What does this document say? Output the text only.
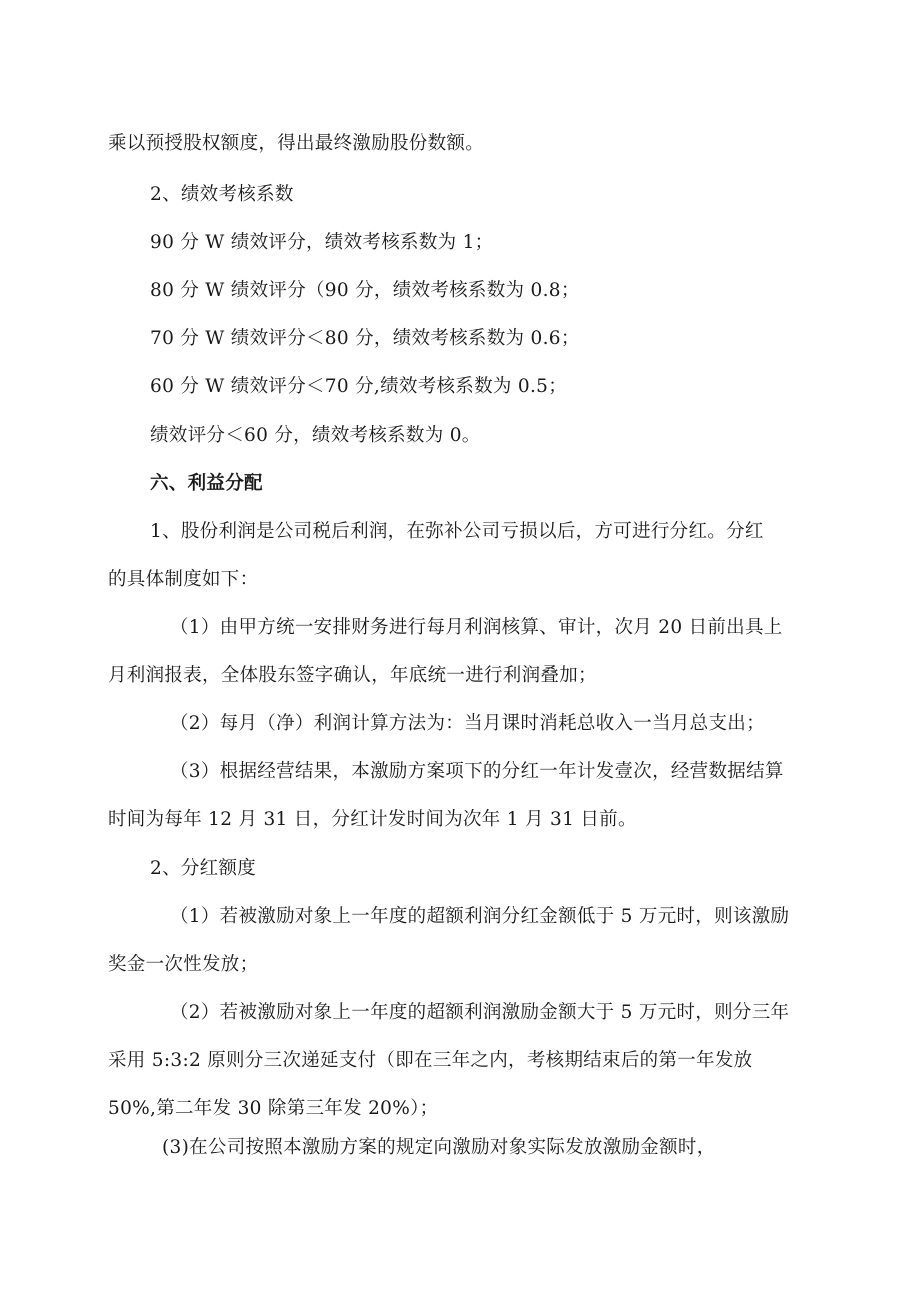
乘以预授股权额度，得出最终激励股份数额。
2、绩效考核系数
90 分 W 绩效评分，绩效考核系数为 1；
80 分 W 绩效评分（90 分，绩效考核系数为 0.8；
70 分 W 绩效评分＜80 分，绩效考核系数为 0.6；
60 分 W 绩效评分＜70 分,绩效考核系数为 0.5；
绩效评分＜60 分，绩效考核系数为 0。
六、利益分配
1、股份利润是公司税后利润，在弥补公司亏损以后，方可进行分红。分红
的具体制度如下：
（1）由甲方统一安排财务进行每月利润核算、审计，次月 20 日前出具上
月利润报表，全体股东签字确认，年底统一进行利润叠加；
（2）每月（净）利润计算方法为：当月课时消耗总收入一当月总支出；
（3）根据经营结果，本激励方案项下的分红一年计发壹次，经营数据结算
时间为每年 12 月 31 日，分红计发时间为次年 1 月 31 日前。
2、分红额度
（1）若被激励对象上一年度的超额利润分红金额低于 5 万元时，则该激励
奖金一次性发放；
（2）若被激励对象上一年度的超额利润激励金额大于 5 万元时，则分三年
采用 5:3:2 原则分三次递延支付（即在三年之内，考核期结束后的第一年发放
50%,第二年发 30 除第三年发 20%）；
(3)在公司按照本激励方案的规定向激励对象实际发放激励金额时，
